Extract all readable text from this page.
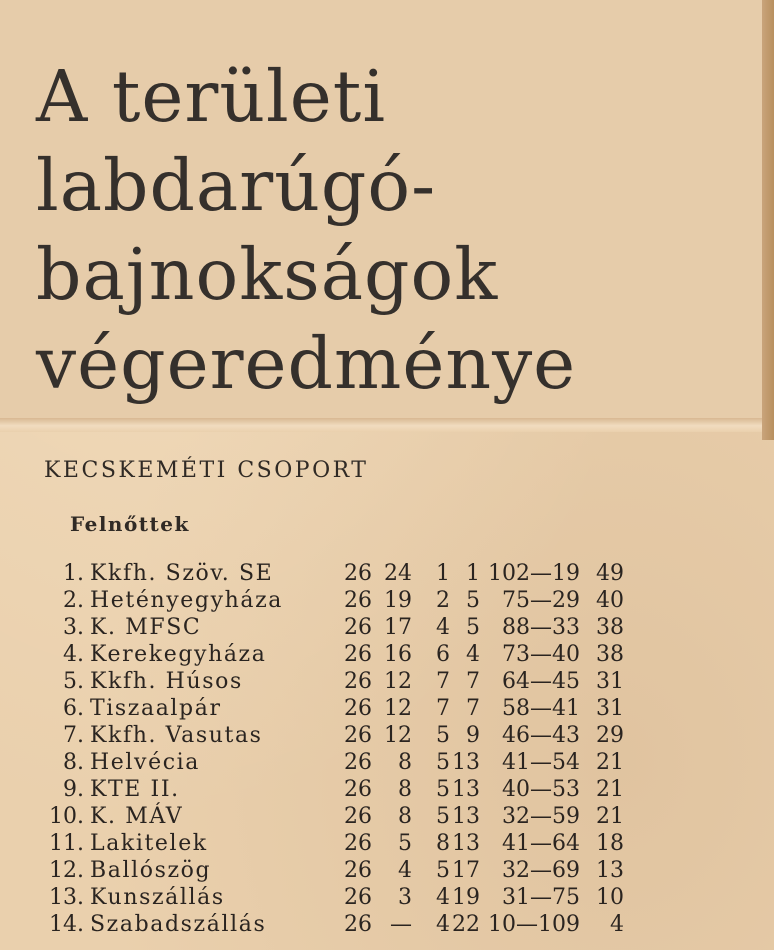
A területi
labdarúgó-
bajnokságok
végeredménye
KECSKEMÉTI CSOPORT
Felnőttek
1.	Kkfh. Szöv. SE	26	24	1	1	102—19	49
2.	Hetényegyháza	26	19	2	5	75—29	40
3.	K. MFSC	26	17	4	5	88—33	38
4.	Kerekegyháza	26	16	6	4	73—40	38
5.	Kkfh. Húsos	26	12	7	7	64—45	31
6.	Tiszaalpár	26	12	7	7	58—41	31
7.	Kkfh. Vasutas	26	12	5	9	46—43	29
8.	Helvécia	26	8	5	13	41—54	21
9.	KTE II.	26	8	5	13	40—53	21
10.	K. MÁV	26	8	5	13	32—59	21
11.	Lakitelek	26	5	8	13	41—64	18
12.	Ballószög	26	4	5	17	32—69	13
13.	Kunszállás	26	3	4	19	31—75	10
14.	Szabadszállás	26	—	4	22	10—109	4
